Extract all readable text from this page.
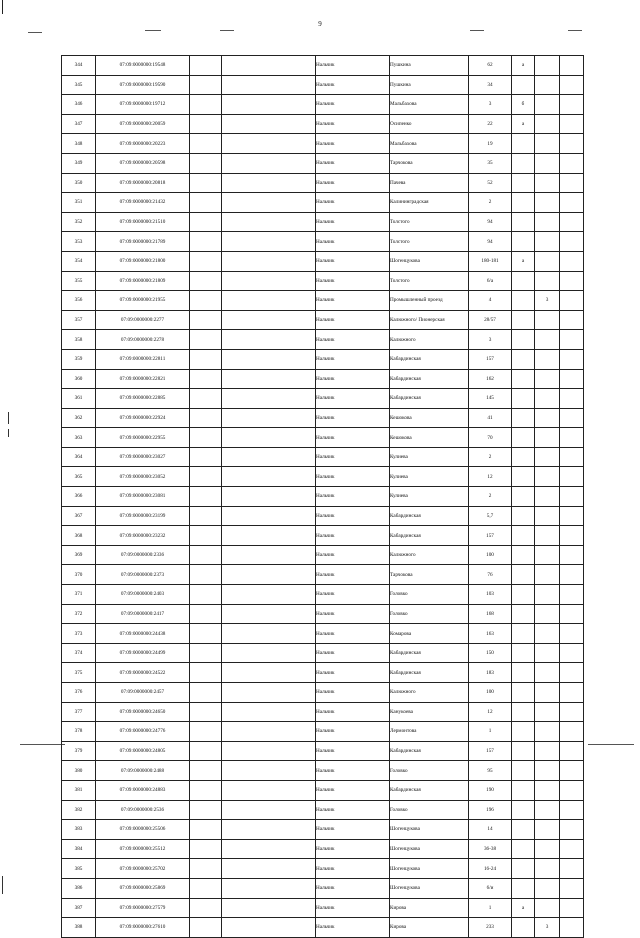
9
344	07:09:0000000:19548			Нальчик	Пушкина	62	а		
345	07:09:0000000:19590			Нальчик	Пушкина	34			
346	07:09:0000000:19712			Нальчик	Мальбахова	3	б		
347	07:09:0000000:20059			Нальчик	Осипенко	22	а		
348	07:09:0000000:20223			Нальчик	Мальбахова	19			
349	07:09:0000000:20598			Нальчик	Тарчокова	35			
350	07:09:0000000:20818			Нальчик	Пачева	52			
351	07:09:0000000:21432			Нальчик	Калининградская	2			
352	07:09:0000000:21510			Нальчик	Толстого	94			
353	07:09:0000000:21789			Нальчик	Толстого	94			
354	07:09:0000000:21800			Нальчик	Шогенцукова	180-181	а		
355	07:09:0000000:21809			Нальчик	Толстого	6/a			
356	07:09:0000000:21955			Нальчик	Промышленный проезд	4		3	
357	07:09:0000000:2277			Нальчик	Калюжного/ Пионерская	28/57			
358	07:09:0000000:2278			Нальчик	Калюжного	3			
359	07:09:0000000:22811			Нальчик	Кабардинская	157			
360	07:09:0000000:22821			Нальчик	Кабардинская	162			
361	07:09:0000000:22885			Нальчик	Кабардинская	145			
362	07:09:0000000:22924			Нальчик	Кешокова	41			
363	07:09:0000000:22955			Нальчик	Кешокова	70			
364	07:09:0000000:23027			Нальчик	Кулиева	2			
365	07:09:0000000:23052			Нальчик	Кулиева	12			
366	07:09:0000000:23081			Нальчик	Кулиева	2			
367	07:09:0000000:23199			Нальчик	Кабардинская	5,7			
368	07:09:0000000:23232			Нальчик	Кабардинская	157			
369	07:09:0000000:2336			Нальчик	Калюжного	100			
370	07:09:0000000:2373			Нальчик	Тарчокова	76			
371	07:09:0000000:2403			Нальчик	Головко	103			
372	07:09:0000000:2417			Нальчик	Головко	168			
373	07:09:0000000:24438			Нальчик	Комарова	163			
374	07:09:0000000:24499			Нальчик	Кабардинская	150			
375	07:09:0000000:24522			Нальчик	Кабардинская	183			
376	07:09:0000000:2457			Нальчик	Калюжного	100			
377	07:09:0000000:24650			Нальчик	Канукоева	12			
378	07:09:0000000:24776			Нальчик	Лермонтова	1			
379	07:09:0000000:24805			Нальчик	Кабардинская	157			
380	07:09:0000000:2488			Нальчик	Головко	95			
381	07:09:0000000:24883			Нальчик	Кабардинская	190			
382	07:09:0000000:2536			Нальчик	Головко	196			
383	07:09:0000000:25506			Нальчик	Шогенцукова	14			
384	07:09:0000000:25512			Нальчик	Шогенцукова	36-38			
385	07:09:0000000:25702			Нальчик	Шогенцукова	16-24			
386	07:09:0000000:25869			Нальчик	Шогенцукова	6/и			
387	07:09:0000000:27579			Нальчик	Кирова	1	а		
388	07:09:0000000:27610			Нальчик	Кирова	233		3	
